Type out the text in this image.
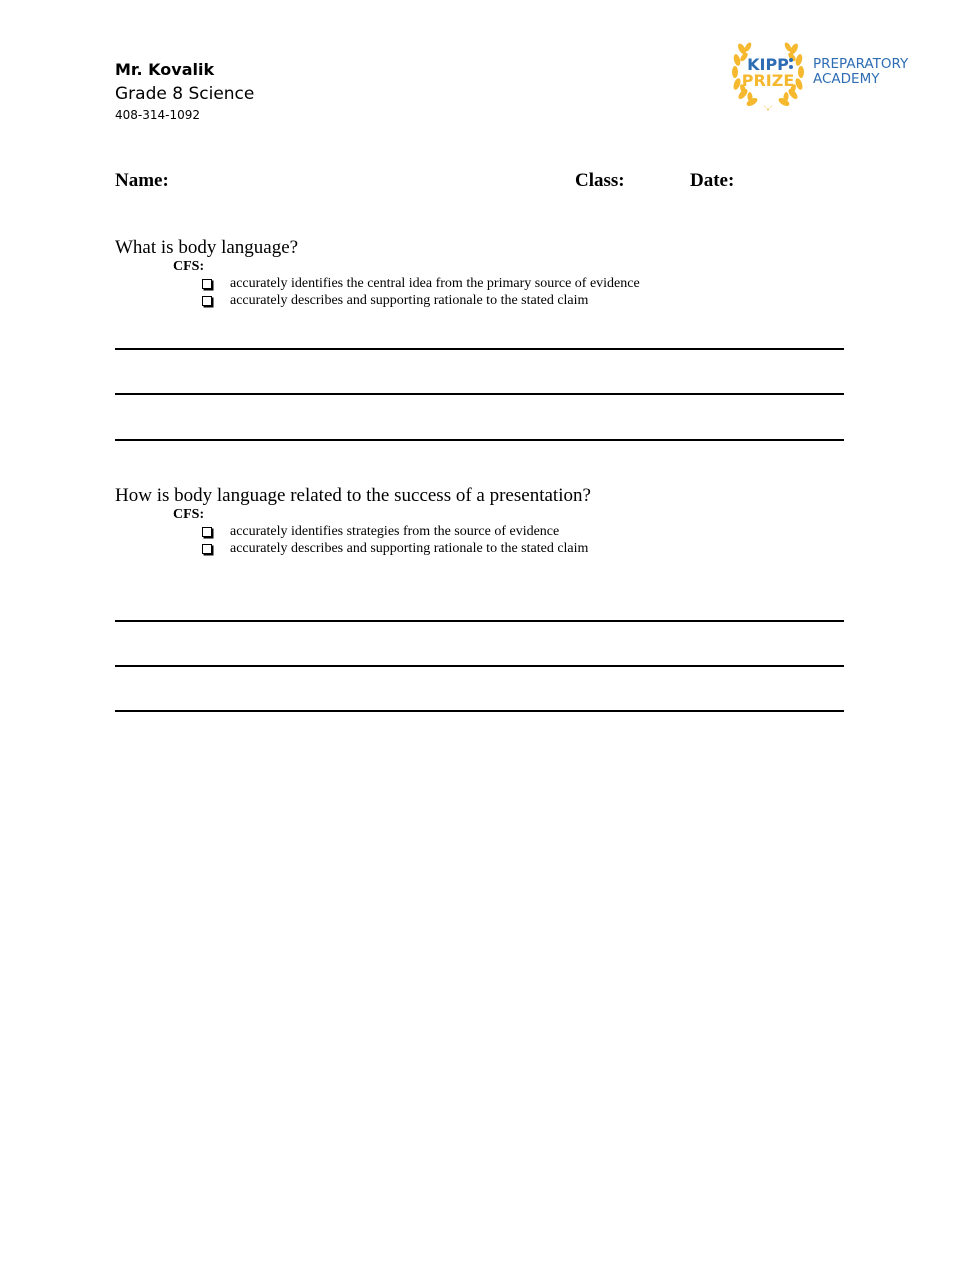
Mr. Kovalik
Grade 8 Science
408-314-1092
KIPP
PRIZE
PREPARATORY
ACADEMY
Name:	Class:	Date:
What is body language?
CFS:
accurately identifies the central idea from the primary source of evidence
accurately describes and supporting rationale to the stated claim
How is body language related to the success of a presentation?
CFS:
accurately identifies strategies from the source of evidence
accurately describes and supporting rationale to the stated claim
